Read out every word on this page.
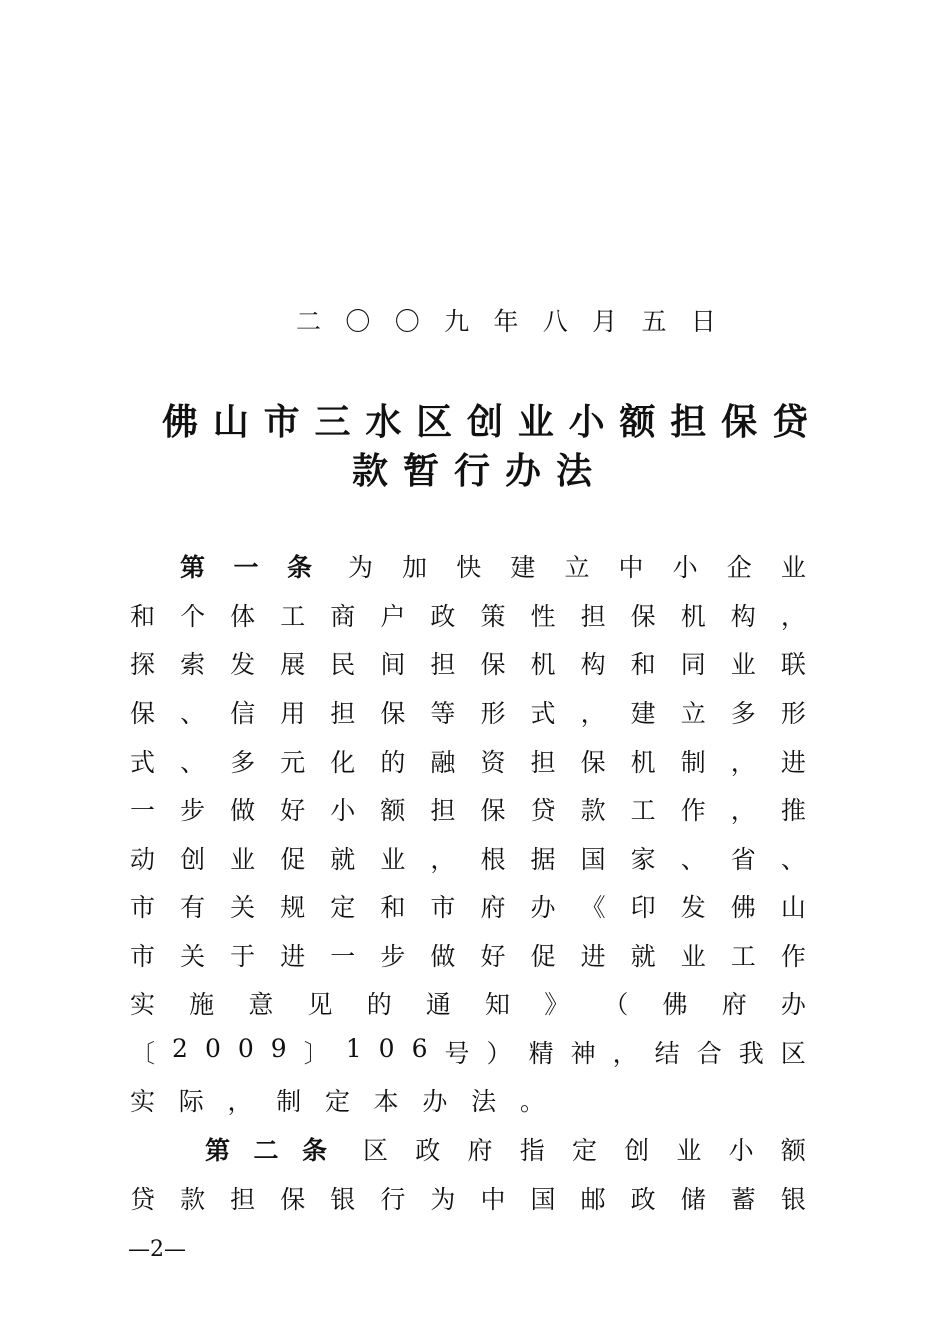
二 〇 〇 九 年 八 月 五 日
佛 山 市 三 水 区 创 业 小 额 担 保 贷
款 暂 行 办 法
第 一 条 为 加 快 建 立 中 小 企 业
和 个 体 工 商 户 政 策 性 担 保 机 构 ，
探 索 发 展 民 间 担 保 机 构 和 同 业 联
保 、 信 用 担 保 等 形 式 ， 建 立 多 形
式 、 多 元 化 的 融 资 担 保 机 制 ， 进
一 步 做 好 小 额 担 保 贷 款 工 作 ， 推
动 创 业 促 就 业 ， 根 据 国 家 、 省 、
市 有 关 规 定 和 市 府 办 《 印 发 佛 山
市 关 于 进 一 步 做 好 促 进 就 业 工 作
实 施 意 见 的 通 知 》 （ 佛 府 办
〔 2 0 0 9 〕 1 0 6 号 ） 精 神 ， 结 合 我 区
实 际 ， 制 定 本 办 法 。
第 二 条 区 政 府 指 定 创 业 小 额
贷 款 担 保 银 行 为 中 国 邮 政 储 蓄 银
—2—
